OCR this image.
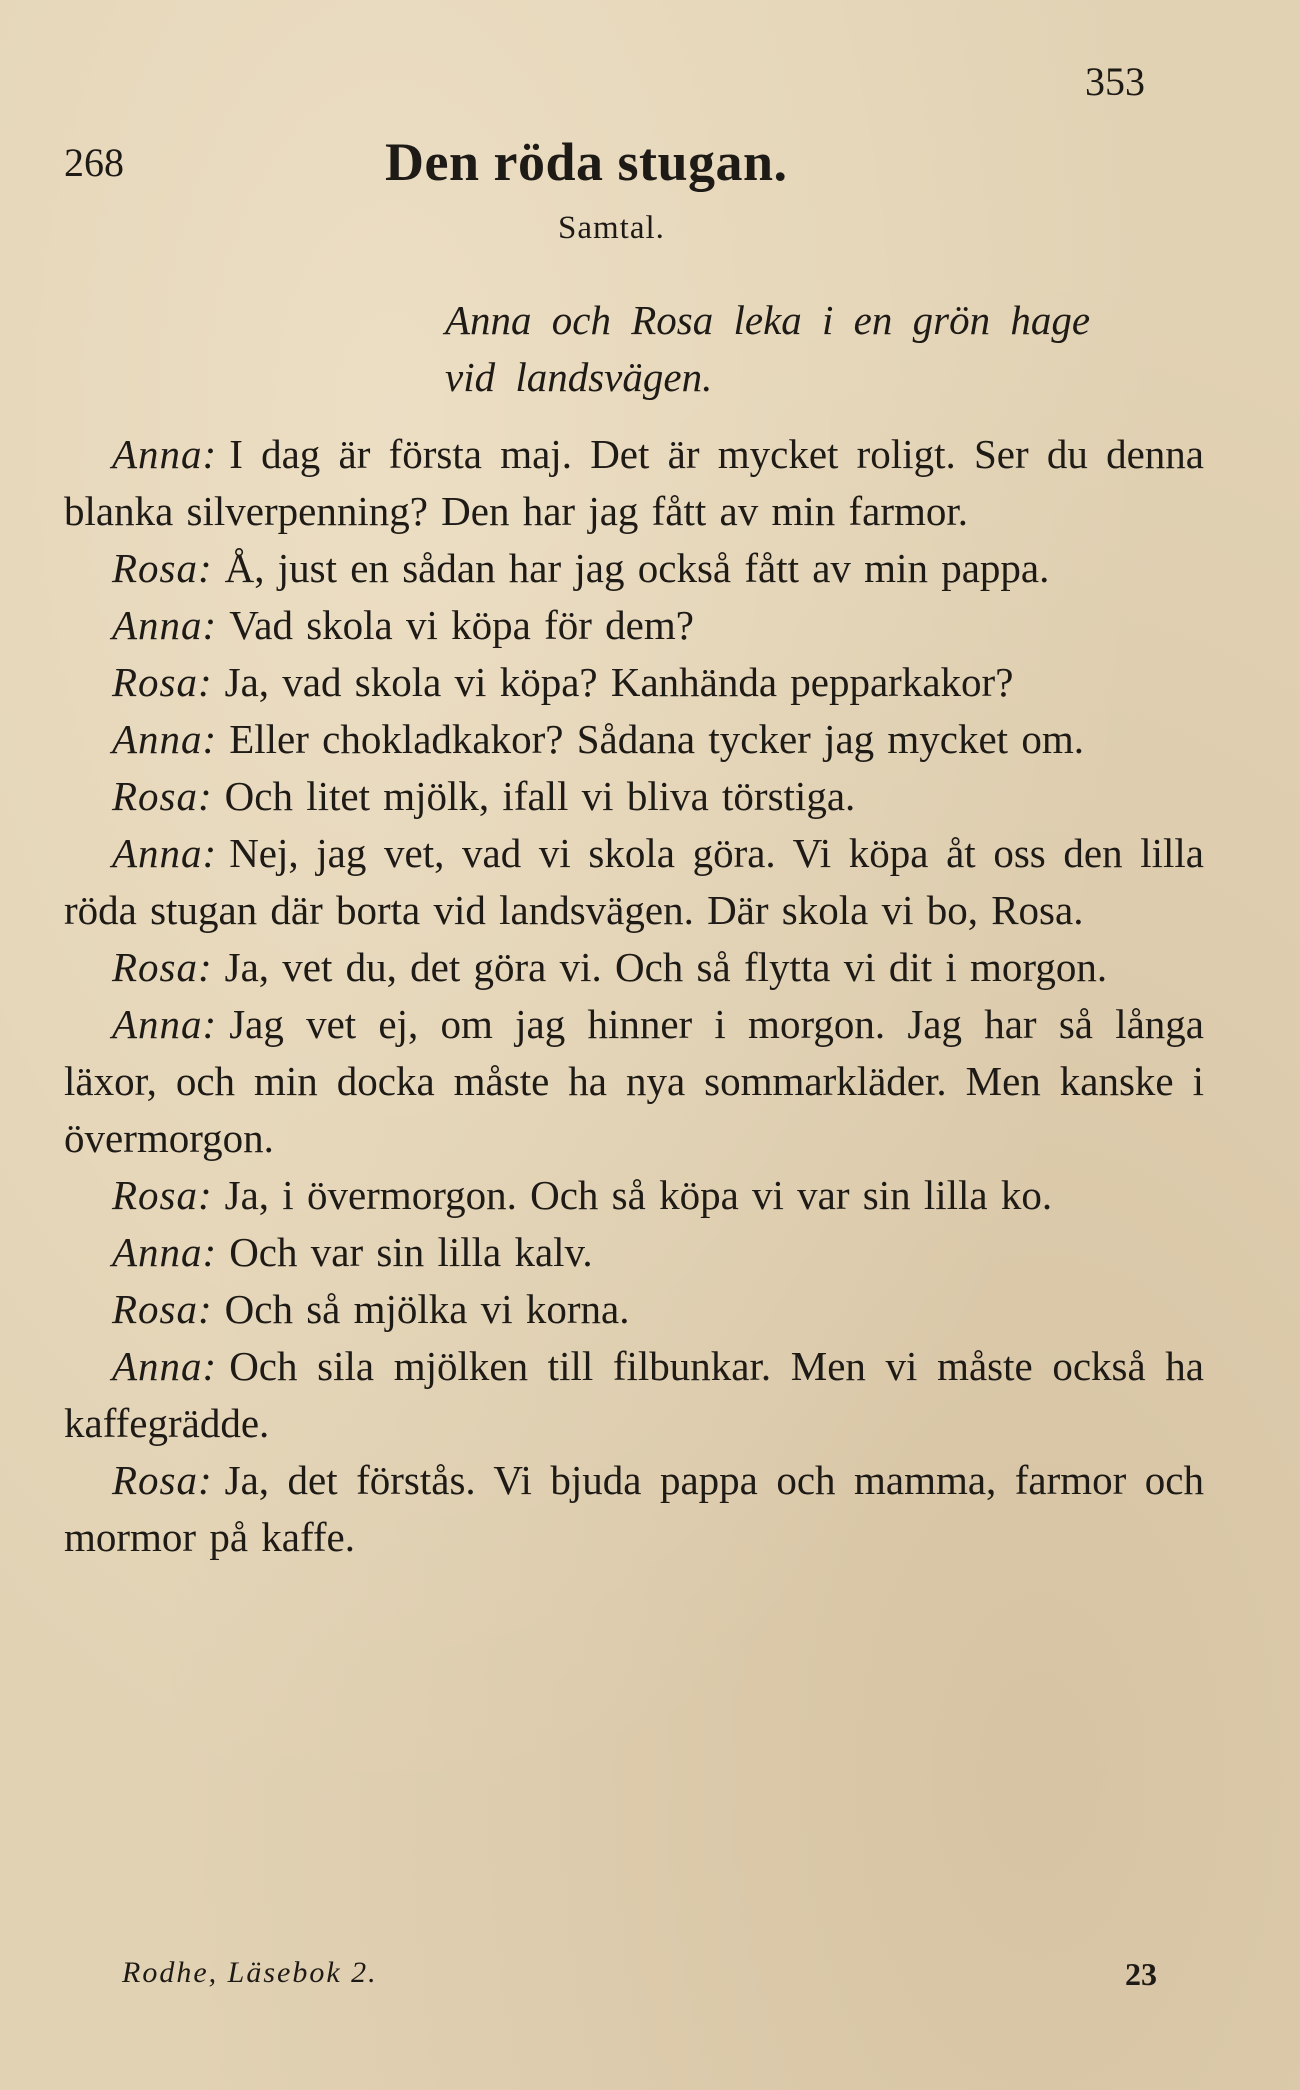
353
268	Den röda stugan.
Samtal.
Anna och Rosa leka i en grön hage
vid landsvägen.

Anna: I dag är första maj. Det är mycket roligt. Ser du denna blanka silverpenning? Den har jag fått av min farmor.

Rosa: Å, just en sådan har jag också fått av min pappa.

Anna: Vad skola vi köpa för dem?

Rosa: Ja, vad skola vi köpa? Kanhända pepparkakor?

Anna: Eller chokladkakor? Sådana tycker jag mycket om.

Rosa: Och litet mjölk, ifall vi bliva törstiga.

Anna: Nej, jag vet, vad vi skola göra. Vi köpa åt oss den lilla röda stugan där borta vid landsvägen. Där skola vi bo, Rosa.

Rosa: Ja, vet du, det göra vi. Och så flytta vi dit i morgon.

Anna: Jag vet ej, om jag hinner i morgon. Jag har så långa läxor, och min docka måste ha nya sommarkläder. Men kanske i övermorgon.

Rosa: Ja, i övermorgon. Och så köpa vi var sin lilla ko.

Anna: Och var sin lilla kalv.

Rosa: Och så mjölka vi korna.

Anna: Och sila mjölken till filbunkar. Men vi måste också ha kaffegrädde.

Rosa: Ja, det förstås. Vi bjuda pappa och mamma, farmor och mormor på kaffe.

Rodhe, Läsebok 2.	23
